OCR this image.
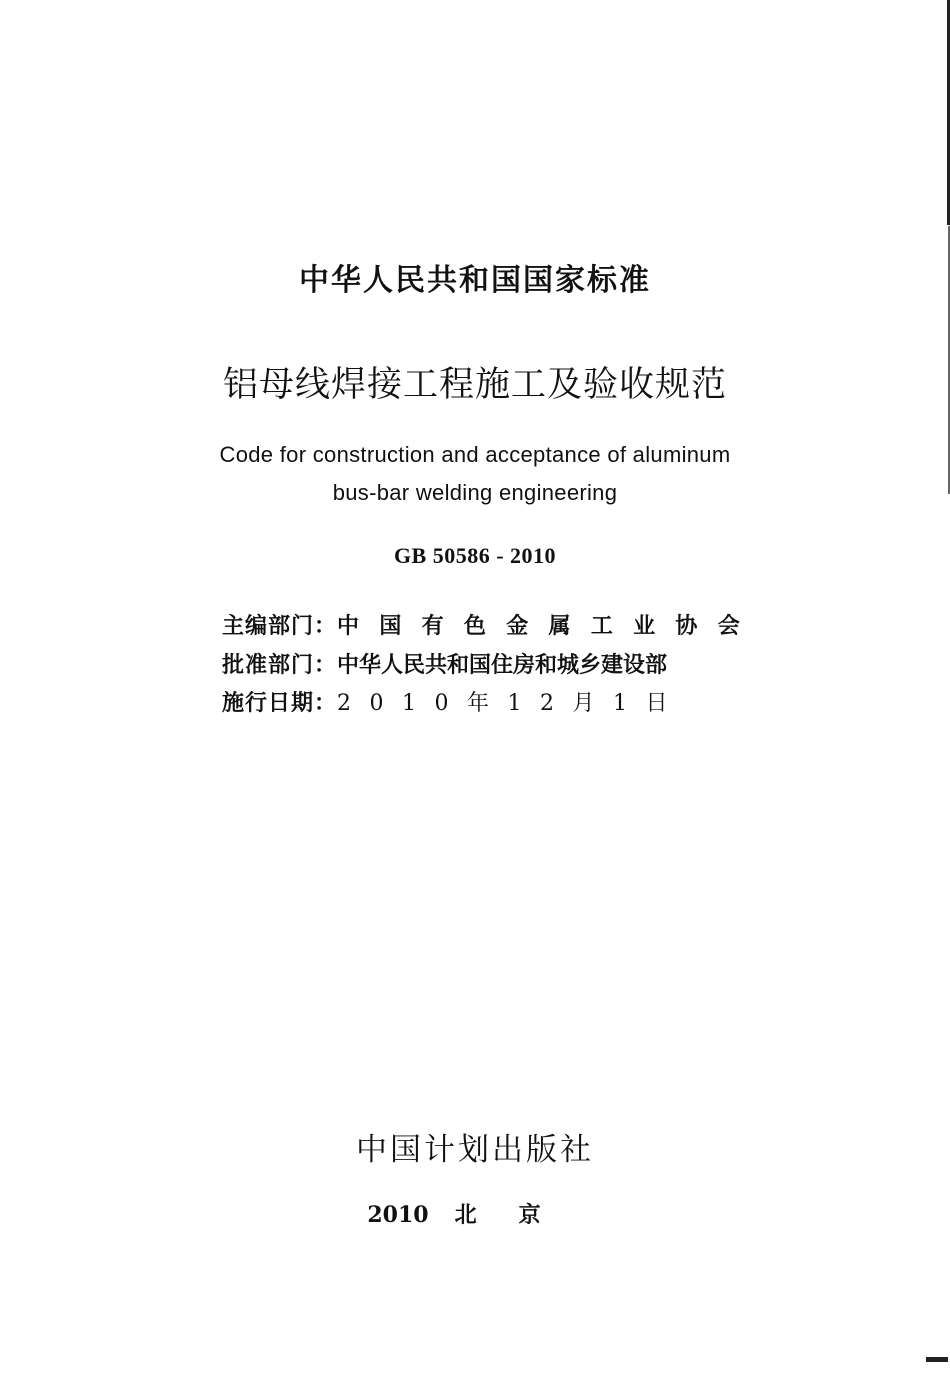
中华人民共和国国家标准
铝母线焊接工程施工及验收规范
Code for construction and acceptance of aluminum
bus-bar welding engineering
GB 50586 - 2010
主编部门：中国有色金属工业协会
批准部门：中华人民共和国住房和城乡建设部
施行日期：2010年12月1日
中国计划出版社
2010 北京
